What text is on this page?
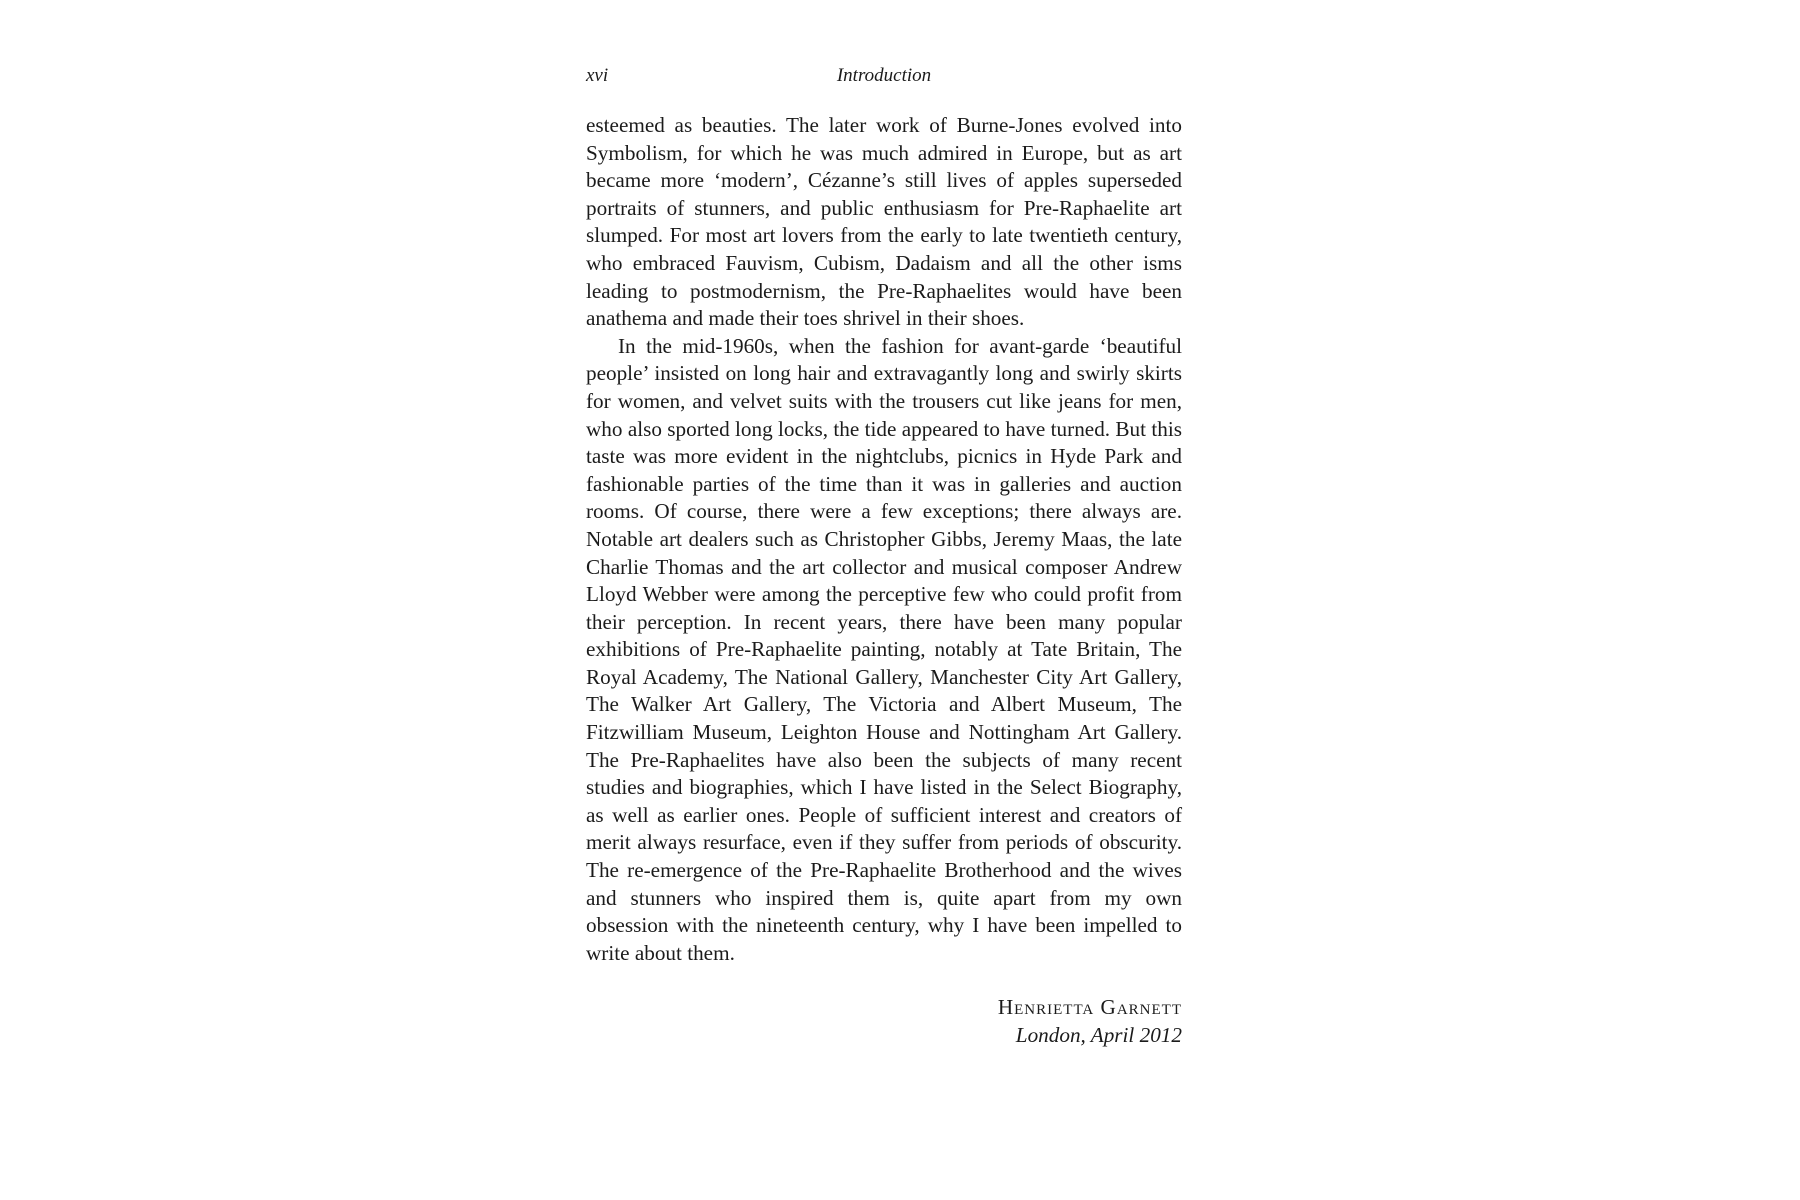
xvi	Introduction

esteemed as beauties. The later work of Burne-Jones evolved into Symbolism, for which he was much admired in Europe, but as art became more ‘modern’, Cézanne’s still lives of apples superseded portraits of stunners, and public enthusiasm for Pre-Raphaelite art slumped. For most art lovers from the early to late twentieth century, who embraced Fauvism, Cubism, Dadaism and all the other isms leading to postmodernism, the Pre-Raphaelites would have been anathema and made their toes shrivel in their shoes.

In the mid-1960s, when the fashion for avant-garde ‘beautiful people’ insisted on long hair and extravagantly long and swirly skirts for women, and velvet suits with the trousers cut like jeans for men, who also sported long locks, the tide appeared to have turned. But this taste was more evident in the nightclubs, picnics in Hyde Park and fashionable parties of the time than it was in galleries and auction rooms. Of course, there were a few exceptions; there always are. Notable art dealers such as Christopher Gibbs, Jeremy Maas, the late Charlie Thomas and the art collector and musical composer Andrew Lloyd Webber were among the perceptive few who could profit from their perception. In recent years, there have been many popular exhibitions of Pre-Raphaelite painting, notably at Tate Britain, The Royal Academy, The National Gallery, Manchester City Art Gallery, The Walker Art Gallery, The Victoria and Albert Museum, The Fitzwilliam Museum, Leighton House and Nottingham Art Gallery. The Pre-Raphaelites have also been the subjects of many recent studies and biographies, which I have listed in the Select Biography, as well as earlier ones. People of sufficient interest and creators of merit always resurface, even if they suffer from periods of obscurity. The re-emergence of the Pre-Raphaelite Brotherhood and the wives and stunners who inspired them is, quite apart from my own obsession with the nineteenth century, why I have been impelled to write about them.

Henrietta Garnett
London, April 2012
